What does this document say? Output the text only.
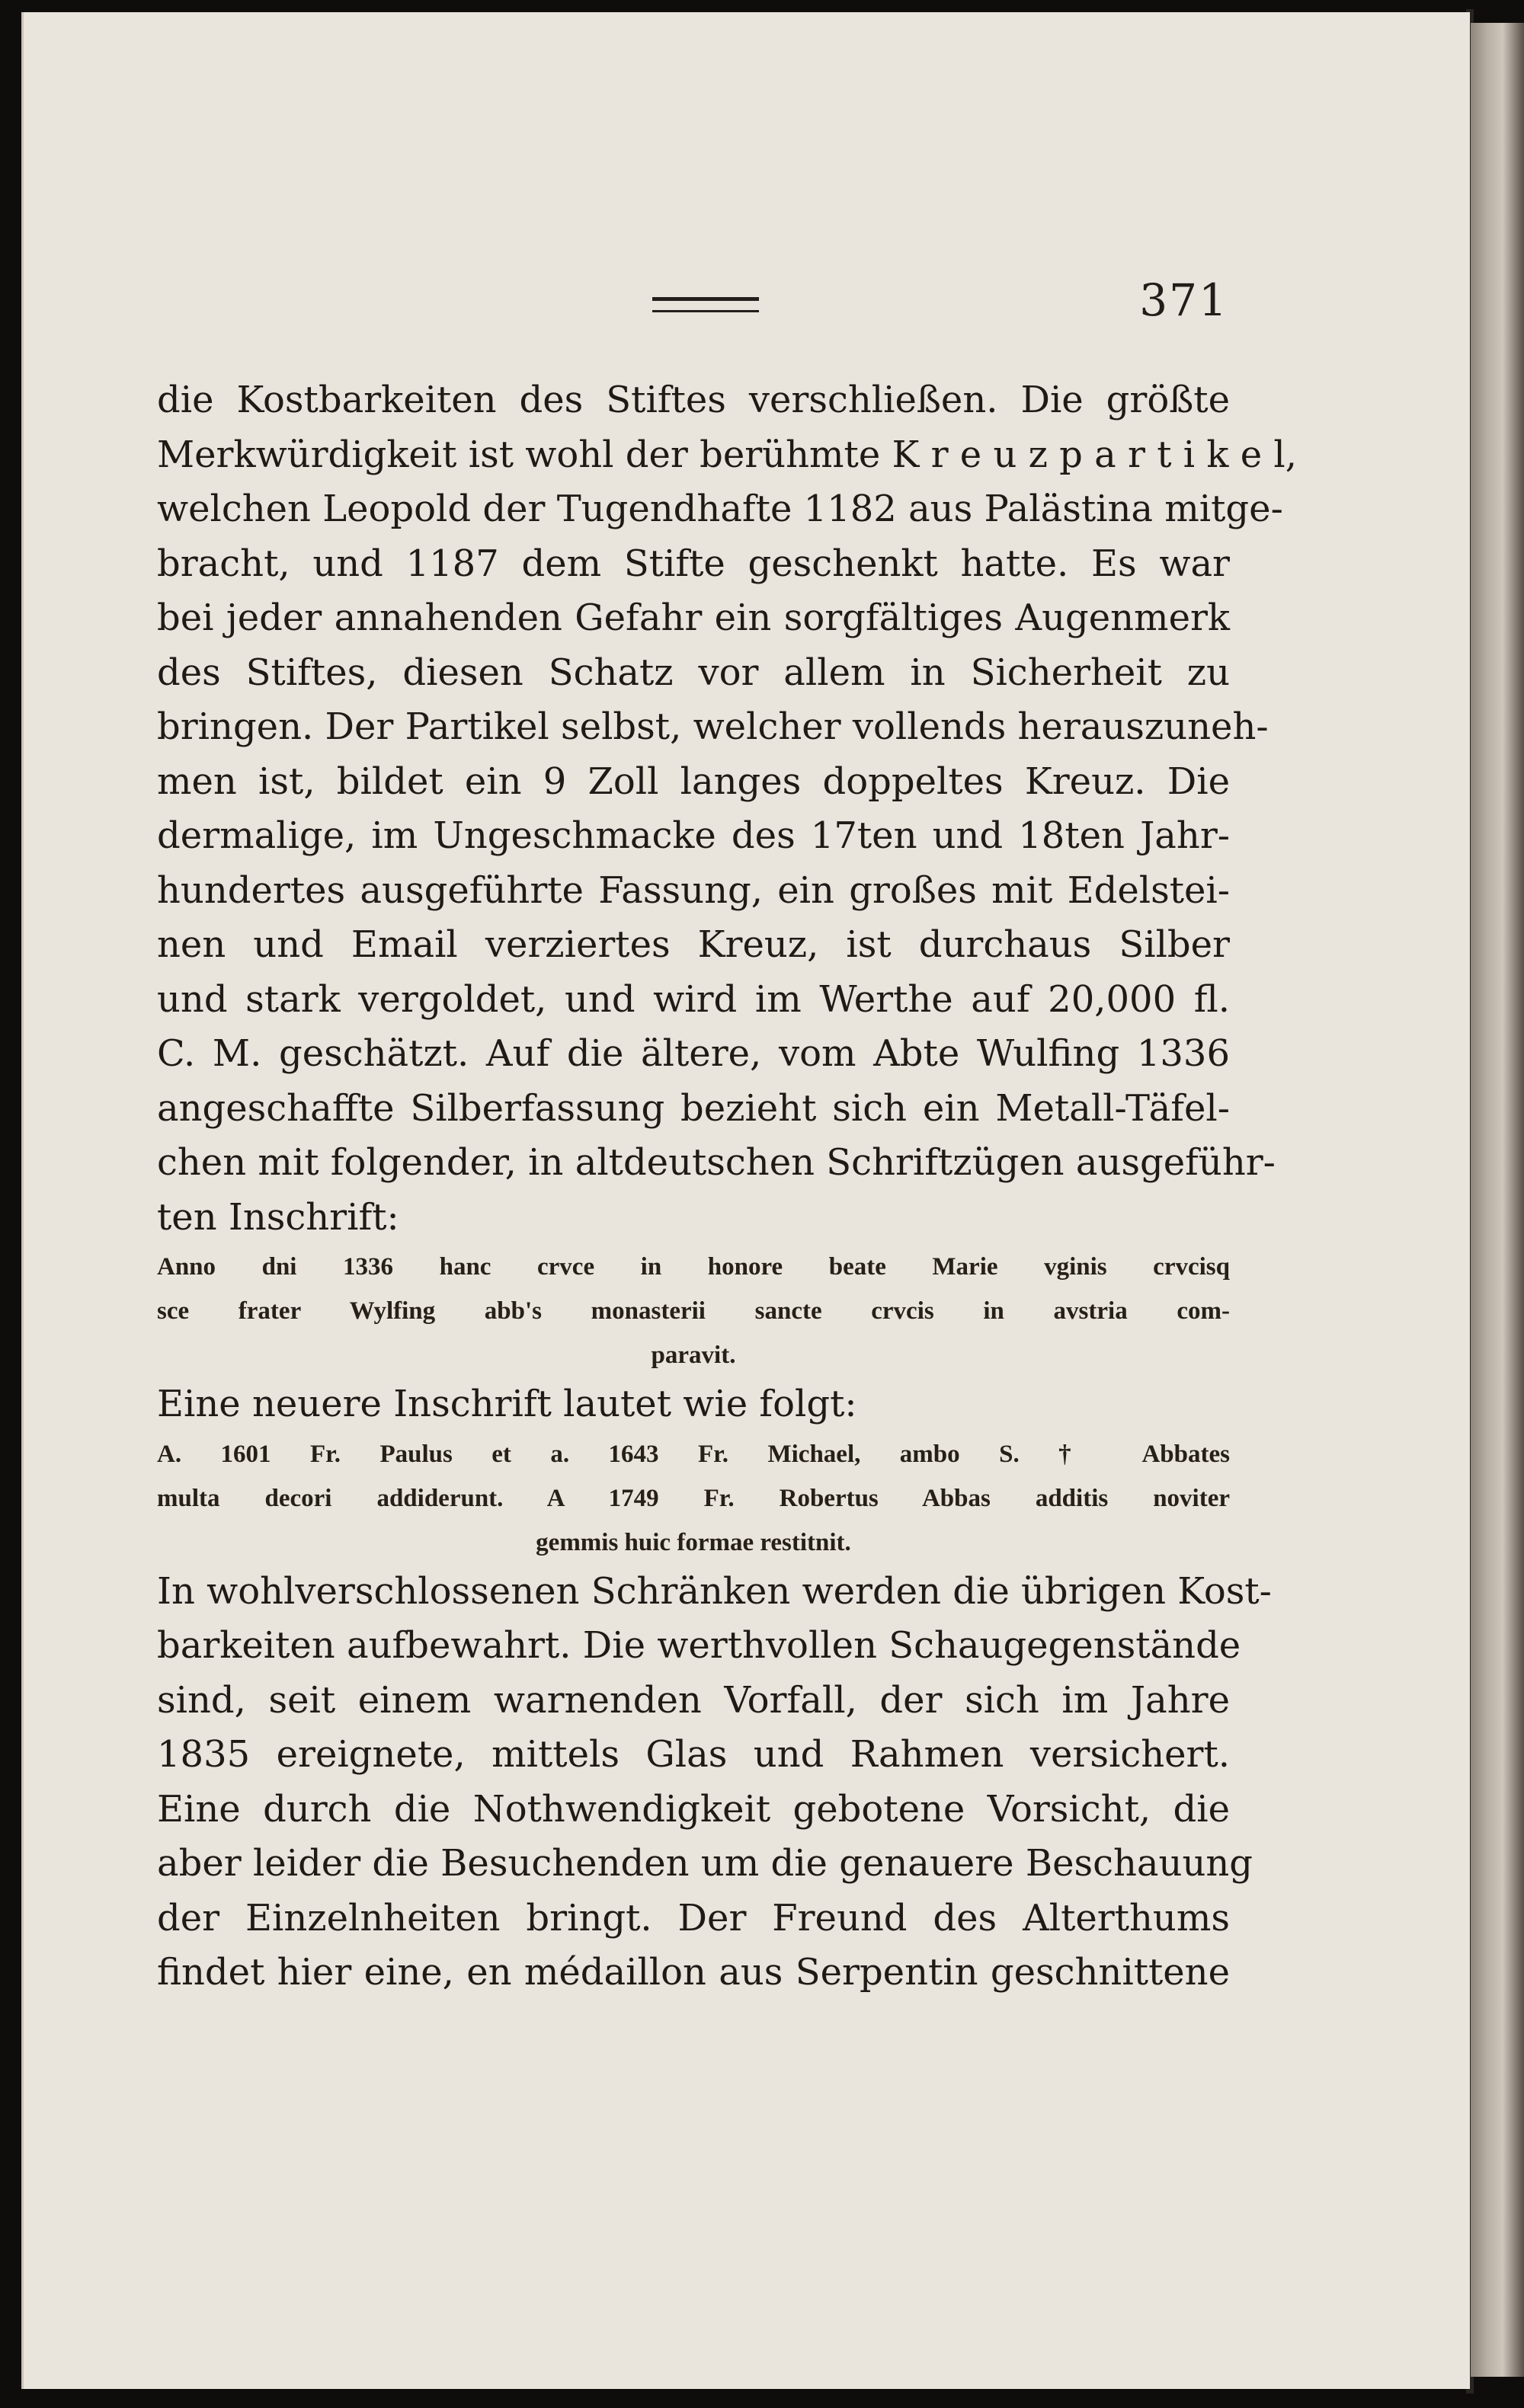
371
die Kostbarkeiten des Stiftes verschließen. Die größte
Merkwürdigkeit ist wohl der berühmte K r e u z p a r t i k e l,
welchen Leopold der Tugendhafte 1182 aus Palästina mitge-
bracht, und 1187 dem Stifte geschenkt hatte. Es war
bei jeder annahenden Gefahr ein sorgfältiges Augenmerk
des Stiftes, diesen Schatz vor allem in Sicherheit zu
bringen. Der Partikel selbst, welcher vollends herauszuneh-
men ist, bildet ein 9 Zoll langes doppeltes Kreuz. Die
dermalige, im Ungeschmacke des 17ten und 18ten Jahr-
hundertes ausgeführte Fassung, ein großes mit Edelstei-
nen und Email verziertes Kreuz, ist durchaus Silber
und stark vergoldet, und wird im Werthe auf 20,000 fl.
C. M. geschätzt. Auf die ältere, vom Abte Wulfing 1336
angeschaffte Silberfassung bezieht sich ein Metall-Täfel-
chen mit folgender, in altdeutschen Schriftzügen ausgeführ-
ten Inschrift:
Anno dni 1336 hanc crvce in honore beate Marie vginis crvcisq
sce frater Wylfing abb's monasterii sancte crvcis in avstria com-
paravit.
Eine neuere Inschrift lautet wie folgt:
A. 1601 Fr. Paulus et a. 1643 Fr. Michael, ambo S. † Abbates
multa decori addiderunt. A 1749 Fr. Robertus Abbas additis noviter
gemmis huic formae restitnit.
In wohlverschlossenen Schränken werden die übrigen Kost-
barkeiten aufbewahrt. Die werthvollen Schaugegenstände
sind, seit einem warnenden Vorfall, der sich im Jahre
1835 ereignete, mittels Glas und Rahmen versichert.
Eine durch die Nothwendigkeit gebotene Vorsicht, die
aber leider die Besuchenden um die genauere Beschauung
der Einzelnheiten bringt. Der Freund des Alterthums
findet hier eine, en médaillon aus Serpentin geschnittene
